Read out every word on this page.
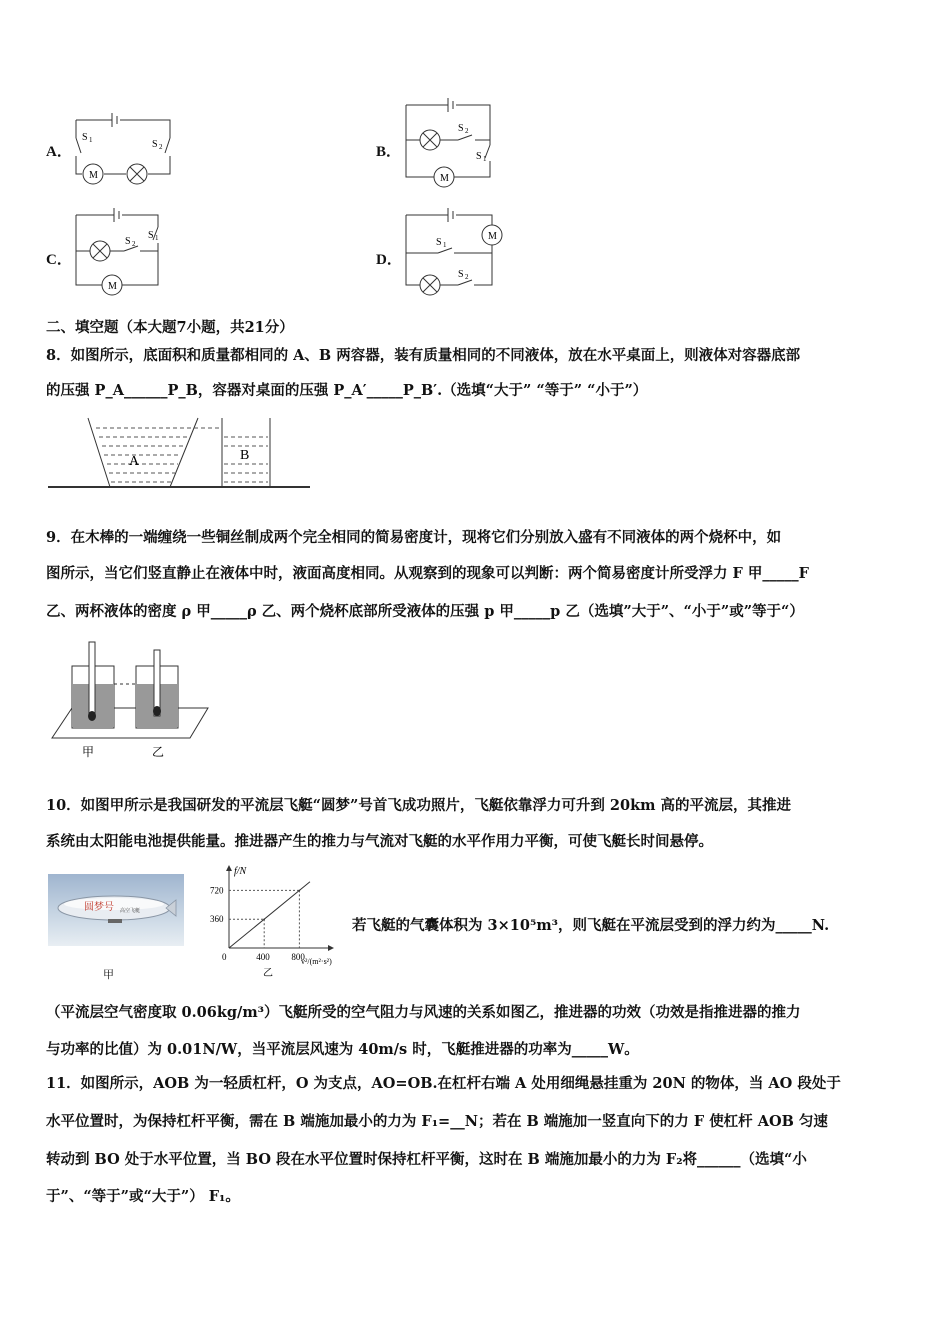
A．
S 1	S 2
M
B．
S 2
S 1
M
C．
S 2
S 1
M
D．
S 1
S 2
M
二、填空题（本大题7小题，共21分）
8．如图所示，底面积和质量都相同的 A、B 两容器，装有质量相同的不同液体，放在水平桌面上，则液体对容器底部
的压强 P_A______P_B，容器对桌面的压强 P_A′_____P_B′.（选填“大于” “等于” “小于”）
A	B
9．在木棒的一端缠绕一些铜丝制成两个完全相同的简易密度计，现将它们分别放入盛有不同液体的两个烧杯中，如
图所示，当它们竖直静止在液体中时，液面高度相同。从观察到的现象可以判断：两个简易密度计所受浮力 F 甲_____F
乙、两杯液体的密度 ρ 甲_____ρ 乙、两个烧杯底部所受液体的压强 p 甲_____p 乙（选填”大于”、“小于”或”等于“）
甲	乙
10．如图甲所示是我国研发的平流层飞艇“圆梦”号首飞成功照片，飞艇依靠浮力可升到 20km 高的平流层，其推进
系统由太阳能电池提供能量。推进器产生的推力与气流对飞艇的水平作用力平衡，可使飞艇长时间悬停。
圆梦号 高空飞艇
甲
400
360
800
720
f/N
v²/(m²·s²)
0
乙
若飞艇的气囊体积为 3×10⁵m³，则飞艇在平流层受到的浮力约为_____N.
（平流层空气密度取 0.06kg/m³）飞艇所受的空气阻力与风速的关系如图乙，推进器的功效（功效是指推进器的推力
与功率的比值）为 0.01N/W，当平流层风速为 40m/s 时，飞艇推进器的功率为_____W。
11．如图所示，AOB 为一轻质杠杆，O 为支点，AO=OB.在杠杆右端 A 处用细绳悬挂重为 20N 的物体，当 AO 段处于
水平位置时，为保持杠杆平衡，需在 B 端施加最小的力为 F₁=__N；若在 B 端施加一竖直向下的力 F 使杠杆 AOB 匀速
转动到 BO 处于水平位置，当 BO 段在水平位置时保持杠杆平衡，这时在 B 端施加最小的力为 F₂将______（选填“小
于”、“等于”或“大于”） F₁。
